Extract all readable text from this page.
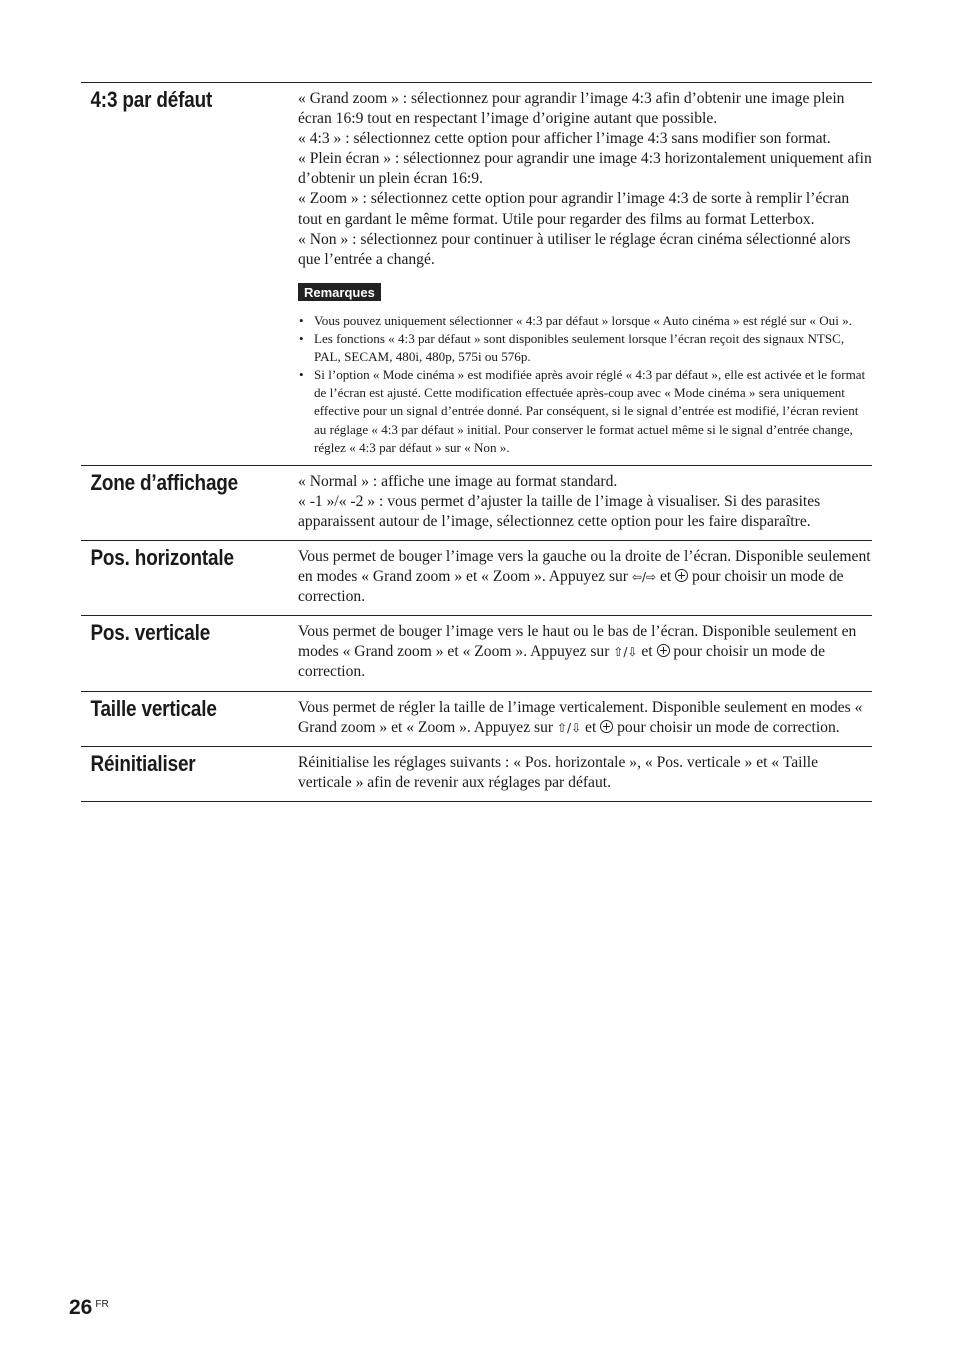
4:3 par défaut	« Grand zoom » : sélectionnez pour agrandir l’image 4:3 afin d’obtenir une image plein écran 16:9 tout en respectant l’image d’origine autant que possible.

« 4:3 » : sélectionnez cette option pour afficher l’image 4:3 sans modifier son format.

« Plein écran » : sélectionnez pour agrandir une image 4:3 horizontalement uniquement afin d’obtenir un plein écran 16:9.

« Zoom » : sélectionnez cette option pour agrandir l’image 4:3 de sorte à remplir l’écran tout en gardant le même format. Utile pour regarder des films au format Letterbox.

« Non » : sélectionnez pour continuer à utiliser le réglage écran cinéma sélectionné alors que l’entrée a changé.

Remarques
• Vous pouvez uniquement sélectionner « 4:3 par défaut » lorsque « Auto cinéma » est réglé sur « Oui ».
• Les fonctions « 4:3 par défaut » sont disponibles seulement lorsque l’écran reçoit des signaux NTSC, PAL, SECAM, 480i, 480p, 575i ou 576p.
• Si l’option « Mode cinéma » est modifiée après avoir réglé « 4:3 par défaut », elle est activée et le format de l’écran est ajusté. Cette modification effectuée après-coup avec « Mode cinéma » sera uniquement effective pour un signal d’entrée donné. Par conséquent, si le signal d’entrée est modifié, l’écran revient au réglage « 4:3 par défaut » initial. Pour conserver le format actuel même si le signal d’entrée change, réglez « 4:3 par défaut » sur « Non ».
Zone d’affichage	« Normal » : affiche une image au format standard.

« -1 »/« -2 » : vous permet d’ajuster la taille de l’image à visualiser. Si des parasites apparaissent autour de l’image, sélectionnez cette option pour les faire disparaître.

Pos. horizontale	Vous permet de bouger l’image vers la gauche ou la droite de l’écran. Disponible seulement en modes « Grand zoom » et « Zoom ». Appuyez sur ⇦/⇨ et  pour choisir un mode de correction.

Pos. verticale	Vous permet de bouger l’image vers le haut ou le bas de l’écran. Disponible seulement en modes « Grand zoom » et « Zoom ». Appuyez sur ⇧/⇩ et  pour choisir un mode de correction.

Taille verticale	Vous permet de régler la taille de l’image verticalement. Disponible seulement en modes « Grand zoom » et « Zoom ». Appuyez sur ⇧/⇩ et  pour choisir un mode de correction.

Réinitialiser	Réinitialise les réglages suivants : « Pos. horizontale », « Pos. verticale » et « Taille verticale » afin de revenir aux réglages par défaut.

26 $^{FR}$
